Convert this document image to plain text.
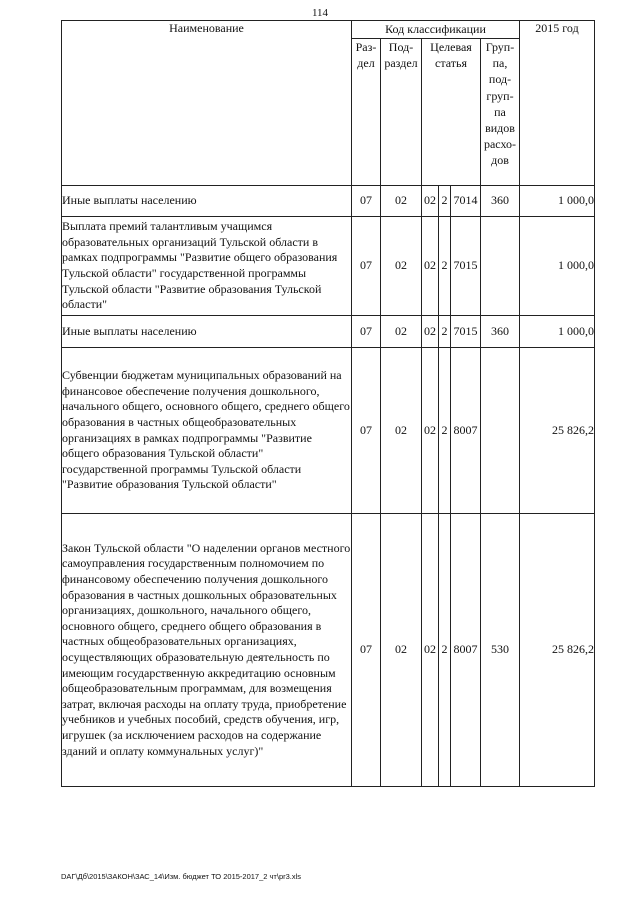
114
Наименование	Код классификации						2015 год
	Раз-дел	Под-раздел	Целевая статья			Груп-па, под-груп-па видов расхо-дов	
Иные выплаты населению	07	02	02	2	7014	360	1 000,0
Выплата премий талантливым учащимся образовательных организаций Тульской области в рамках подпрограммы "Развитие общего образования Тульской области" государственной программы Тульской области "Развитие образования Тульской области"	07	02	02	2	7015		1 000,0
Иные выплаты населению	07	02	02	2	7015	360	1 000,0
Субвенции бюджетам муниципальных образований на финансовое обеспечение получения дошкольного, начального общего, основного общего, среднего общего образования в частных общеобразовательных организациях в рамках подпрограммы "Развитие общего образования Тульской области" государственной программы Тульской области "Развитие образования Тульской области"	07	02	02	2	8007		25 826,2
Закон Тульской области "О наделении органов местного самоуправления государственным полномочием по финансовому обеспечению получения дошкольного образования в частных дошкольных образовательных организациях, дошкольного, начального общего, основного общего, среднего общего образования в частных общеобразовательных организациях, осуществляющих образовательную деятельность по имеющим государственную аккредитацию основным общеобразовательным программам, для возмещения затрат, включая расходы на оплату труда, приобретение учебников и учебных пособий, средств обучения, игр, игрушек (за исключением расходов на содержание зданий и оплату коммунальных услуг)"	07	02	02	2	8007	530	25 826,2
DAГ\Дб\2015\ЗАКОН\ЗАС_14\Изм. бюджет ТО 2015-2017_2 чт\pr3.xls
